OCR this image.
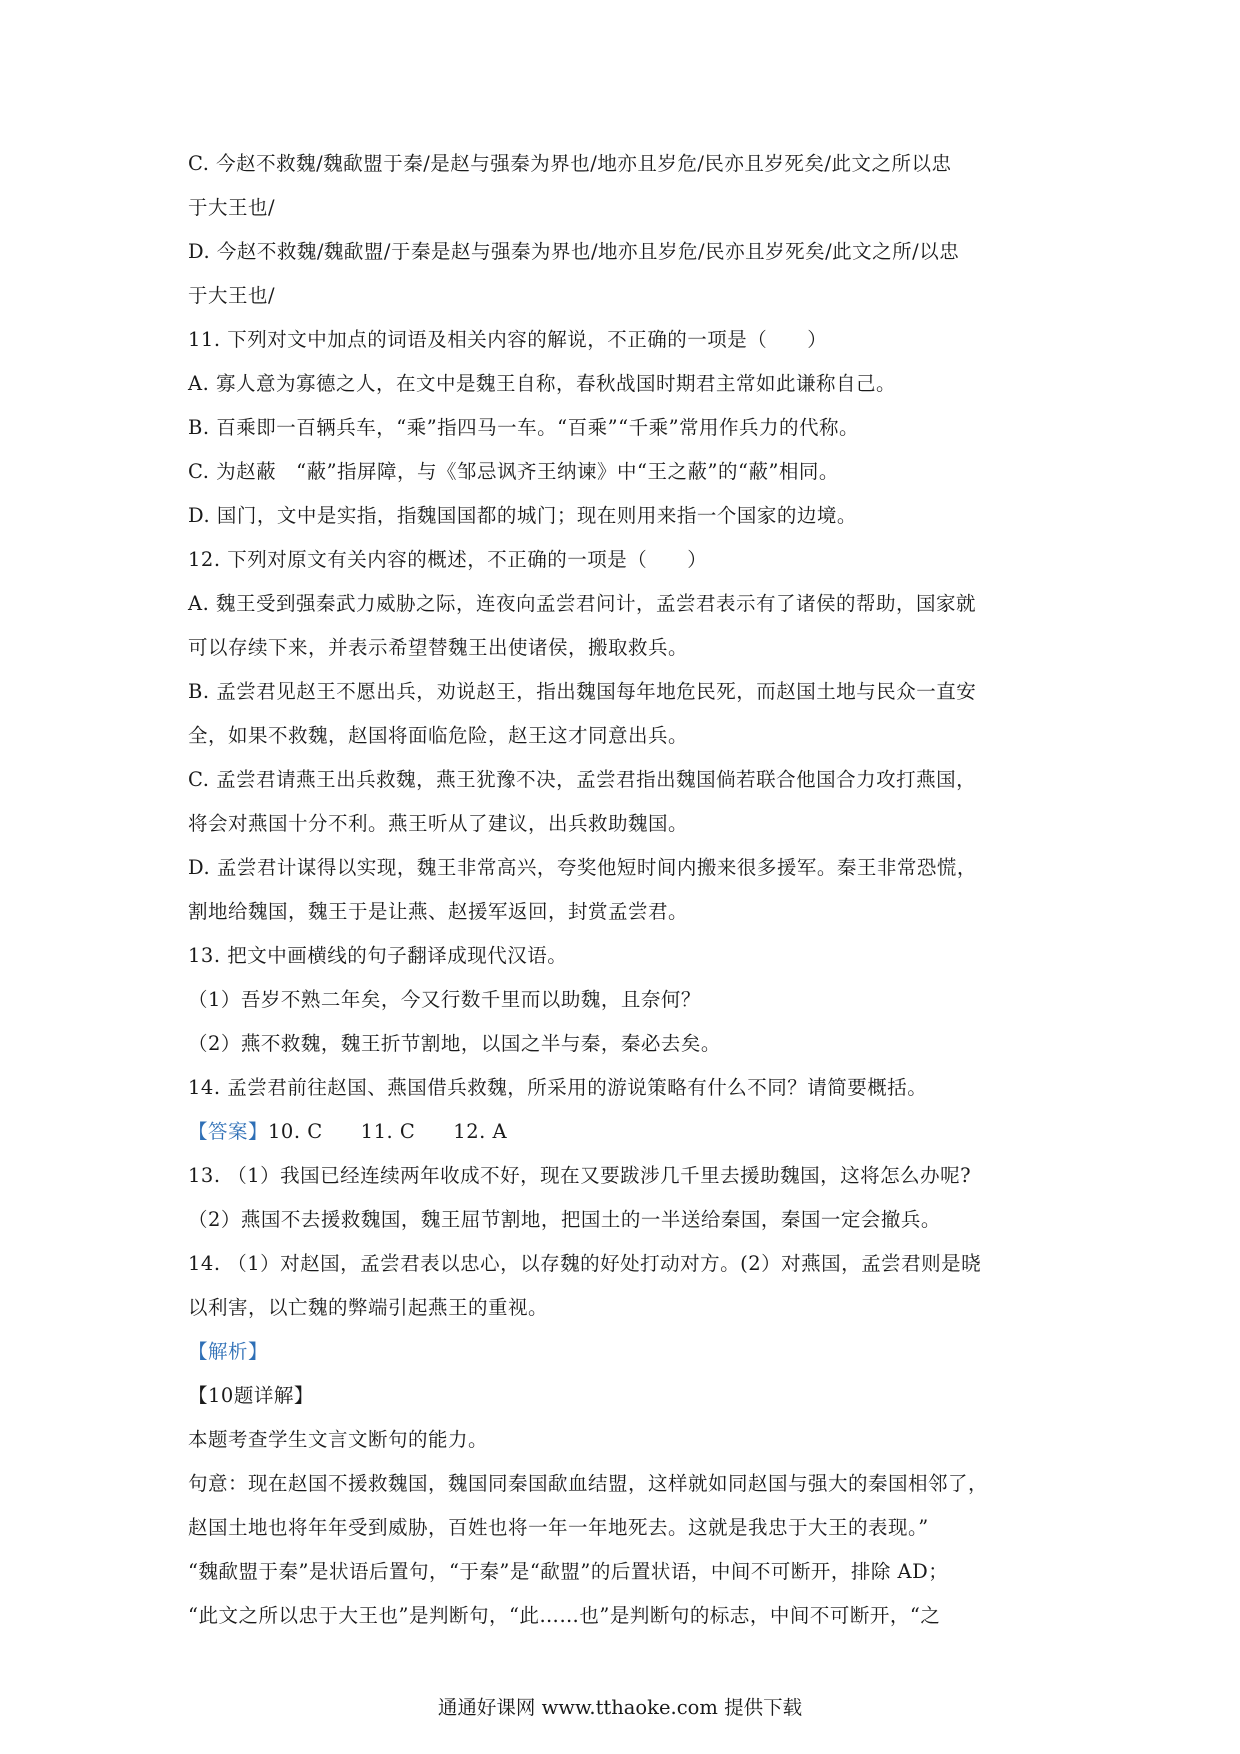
C. 今赵不救魏/魏歃盟于秦/是赵与强秦为界也/地亦且岁危/民亦且岁死矣/此文之所以忠
于大王也/
D. 今赵不救魏/魏歃盟/于秦是赵与强秦为界也/地亦且岁危/民亦且岁死矣/此文之所/以忠
于大王也/
11. 下列对文中加点的词语及相关内容的解说，不正确的一项是（　　）
A. 寡人意为寡德之人，在文中是魏王自称，春秋战国时期君主常如此谦称自己。
B. 百乘即一百辆兵车，“乘”指四马一车。“百乘”“千乘”常用作兵力的代称。
C. 为赵蔽　“蔽”指屏障，与《邹忌讽齐王纳谏》中“王之蔽”的“蔽”相同。
D. 国门，文中是实指，指魏国国都的城门；现在则用来指一个国家的边境。
12. 下列对原文有关内容的概述，不正确的一项是（　　）
A. 魏王受到强秦武力威胁之际，连夜向孟尝君问计，孟尝君表示有了诸侯的帮助，国家就
可以存续下来，并表示希望替魏王出使诸侯，搬取救兵。
B. 孟尝君见赵王不愿出兵，劝说赵王，指出魏国每年地危民死，而赵国土地与民众一直安
全，如果不救魏，赵国将面临危险，赵王这才同意出兵。
C. 孟尝君请燕王出兵救魏，燕王犹豫不决，孟尝君指出魏国倘若联合他国合力攻打燕国，
将会对燕国十分不利。燕王听从了建议，出兵救助魏国。
D. 孟尝君计谋得以实现，魏王非常高兴，夸奖他短时间内搬来很多援军。秦王非常恐慌，
割地给魏国，魏王于是让燕、赵援军返回，封赏孟尝君。
13. 把文中画横线的句子翻译成现代汉语。
（1）吾岁不熟二年矣，今又行数千里而以助魏，且奈何？
（2）燕不救魏，魏王折节割地，以国之半与秦，秦必去矣。
14. 孟尝君前往赵国、燕国借兵救魏，所采用的游说策略有什么不同？请简要概括。
【答案】10. C 11. C 12. A
13. （1）我国已经连续两年收成不好，现在又要跋涉几千里去援助魏国，这将怎么办呢?
（2）燕国不去援救魏国，魏王屈节割地，把国土的一半送给秦国，秦国一定会撤兵。
14. （1）对赵国，孟尝君表以忠心，以存魏的好处打动对方。(2）对燕国，孟尝君则是晓
以利害，以亡魏的弊端引起燕王的重视。
【解析】
【10题详解】
本题考查学生文言文断句的能力。
句意：现在赵国不援救魏国，魏国同秦国歃血结盟，这样就如同赵国与强大的秦国相邻了，
赵国土地也将年年受到威胁，百姓也将一年一年地死去。这就是我忠于大王的表现。”
“魏歃盟于秦”是状语后置句，“于秦”是“歃盟”的后置状语，中间不可断开，排除 AD；
“此文之所以忠于大王也”是判断句，“此……也”是判断句的标志，中间不可断开，“之
通通好课网 www.tthaoke.com 提供下载
